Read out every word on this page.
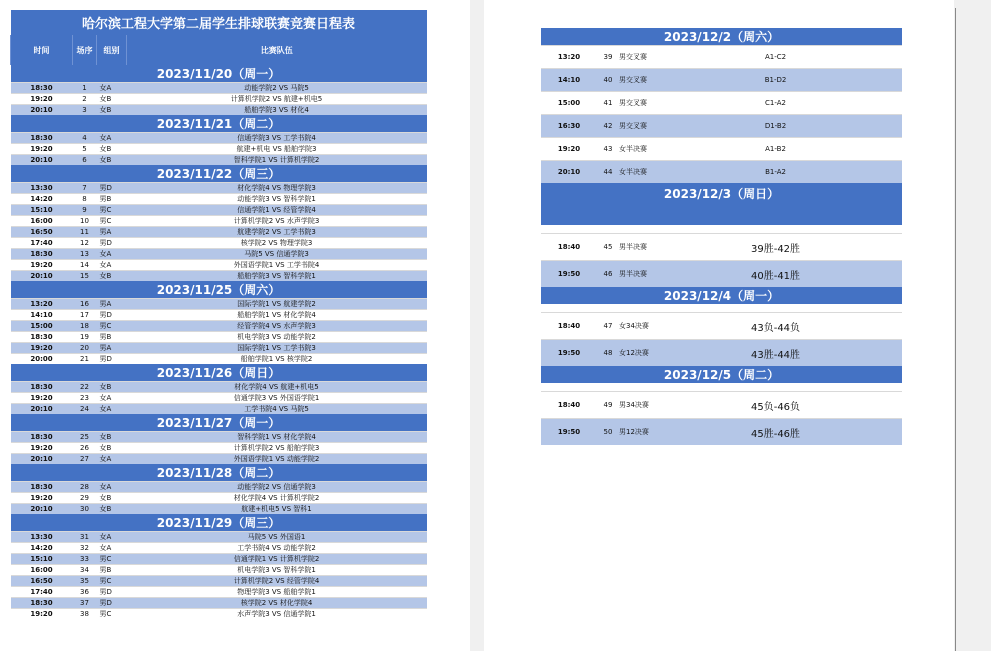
哈尔滨工程大学第二届学生排球联赛竞赛日程表			
时间	场序	组别	比赛队伍
2023/11/20（周一）			
18:30	1	女A	动能学院2 VS 马院5
19:20	2	女B	计算机学院2 VS 航建+机电5
20:10	3	女B	船舶学院3 VS 材化4
2023/11/21（周二）			
18:30	4	女A	信通学院3 VS 工学书院4
19:20	5	女B	航建+机电 VS 船舶学院3
20:10	6	女B	智科学院1 VS 计算机学院2
2023/11/22（周三）			
13:30	7	男D	材化学院4 VS 物理学院3
14:20	8	男B	动能学院3 VS 智科学院1
15:10	9	男C	信通学院1 VS 经管学院4
16:00	10	男C	计算机学院2 VS 水声学院3
16:50	11	男A	航建学院2 VS 工学书院3
17:40	12	男D	核学院2 VS 物理学院3
18:30	13	女A	马院5 VS 信通学院3
19:20	14	女A	外国语学院1 VS 工学书院4
20:10	15	女B	船舶学院3 VS 智科学院1
2023/11/25（周六）			
13:20	16	男A	国际学院1 VS 航建学院2
14:10	17	男D	船舶学院1 VS 材化学院4
15:00	18	男C	经管学院4 VS 水声学院3
18:30	19	男B	机电学院3 VS 动能学院2
19:20	20	男A	国际学院1 VS 工学书院3
20:00	21	男D	船舶学院1 VS 核学院2
2023/11/26（周日）			
18:30	22	女B	材化学院4 VS 航建+机电5
19:20	23	女A	信通学院3 VS 外国语学院1
20:10	24	女A	工学书院4 VS 马院5
2023/11/27（周一）			
18:30	25	女B	智科学院1 VS 材化学院4
19:20	26	女B	计算机学院2 VS 船舶学院3
20:10	27	女A	外国语学院1 VS 动能学院2
2023/11/28（周二）			
18:30	28	女A	动能学院2 VS 信通学院3
19:20	29	女B	材化学院4 VS 计算机学院2
20:10	30	女B	航建+机电5 VS 智科1
2023/11/29（周三）			
13:30	31	女A	马院5 VS 外国语1
14:20	32	女A	工学书院4 VS 动能学院2
15:10	33	男C	信通学院1 VS 计算机学院2
16:00	34	男B	机电学院3 VS 智科学院1
16:50	35	男C	计算机学院2 VS 经管学院4
17:40	36	男D	物理学院3 VS 船舶学院1
18:30	37	男D	核学院2 VS 材化学院4
19:20	38	男C	水声学院3 VS 信通学院1
2023/12/2（周六）			
13:20	39	男交叉赛	A1-C2
14:10	40	男交叉赛	B1-D2
15:00	41	男交叉赛	C1-A2
16:30	42	男交叉赛	D1-B2
19:20	43	女半决赛	A1-B2
20:10	44	女半决赛	B1-A2
2023/12/3（周日）			

18:40	45	男半决赛	39胜-42胜
19:50	46	男半决赛	40胜-41胜
2023/12/4（周一）			

18:40	47	女34决赛	43负-44负
19:50	48	女12决赛	43胜-44胜
2023/12/5（周二）			

18:40	49	男34决赛	45负-46负
19:50	50	男12决赛	45胜-46胜
